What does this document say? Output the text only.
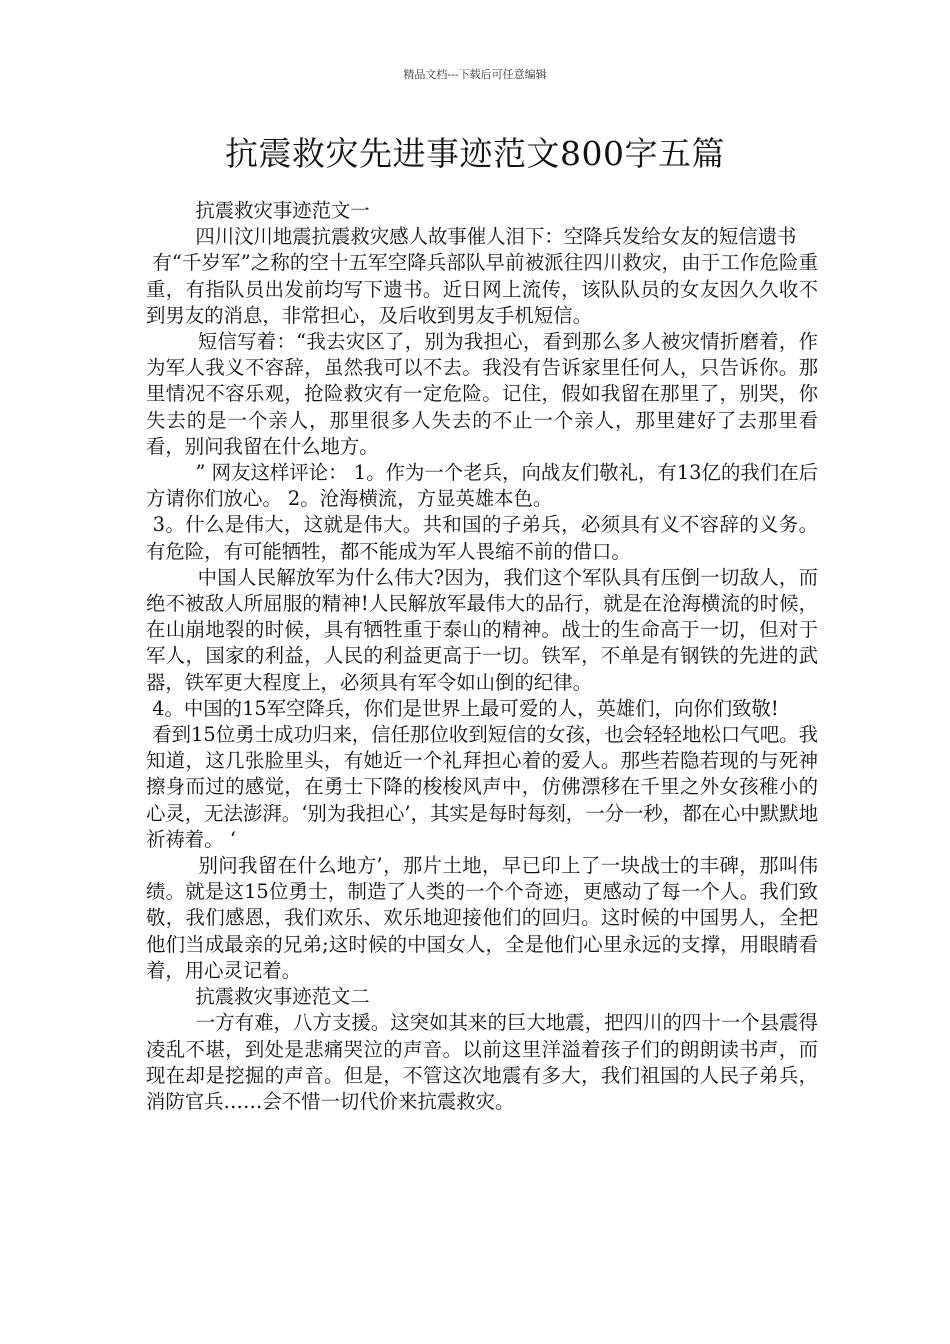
精品文档---下载后可任意编辑
抗震救灾先进事迹范文800字五篇

抗震救灾事迹范文一

四川汶川地震抗震救灾感人故事催人泪下：空降兵发给女友的短信遗书

有“千岁军”之称的空十五军空降兵部队早前被派往四川救灾，由于工作危险重重，有指队员出发前均写下遗书。近日网上流传，该队队员的女友因久久收不到男友的消息，非常担心，及后收到男友手机短信。

短信写着：“我去灾区了，别为我担心，看到那么多人被灾情折磨着，作为军人我义不容辞，虽然我可以不去。我没有告诉家里任何人，只告诉你。那里情况不容乐观，抢险救灾有一定危险。记住，假如我留在那里了，别哭，你失去的是一个亲人，那里很多人失去的不止一个亲人，那里建好了去那里看看，别问我留在什么地方。

” 网友这样评论： 1。作为一个老兵，向战友们敬礼，有13亿的我们在后方请你们放心。 2。沧海横流，方显英雄本色。

3。什么是伟大，这就是伟大。共和国的子弟兵，必须具有义不容辞的义务。有危险，有可能牺牲，都不能成为军人畏缩不前的借口。

中国人民解放军为什么伟大?因为，我们这个军队具有压倒一切敌人，而绝不被敌人所屈服的精神!人民解放军最伟大的品行，就是在沧海横流的时候，在山崩地裂的时候，具有牺牲重于泰山的精神。战士的生命高于一切，但对于军人，国家的利益，人民的利益更高于一切。铁军，不单是有钢铁的先进的武器，铁军更大程度上，必须具有军令如山倒的纪律。

4。中国的15军空降兵，你们是世界上最可爱的人，英雄们，向你们致敬!

看到15位勇士成功归来，信任那位收到短信的女孩，也会轻轻地松口气吧。我知道，这几张脸里头，有她近一个礼拜担心着的爱人。那些若隐若现的与死神擦身而过的感觉，在勇士下降的梭梭风声中，仿佛漂移在千里之外女孩稚小的心灵，无法澎湃。‘别为我担心’，其实是每时每刻，一分一秒，都在心中默默地祈祷着。 ‘

别问我留在什么地方’，那片土地，早已印上了一块战士的丰碑，那叫伟绩。就是这15位勇士，制造了人类的一个个奇迹，更感动了每一个人。我们致敬，我们感恩，我们欢乐、欢乐地迎接他们的回归。这时候的中国男人，全把他们当成最亲的兄弟;这时候的中国女人，全是他们心里永远的支撑，用眼睛看着，用心灵记着。

抗震救灾事迹范文二

一方有难，八方支援。这突如其来的巨大地震，把四川的四十一个县震得凌乱不堪，到处是悲痛哭泣的声音。以前这里洋溢着孩子们的朗朗读书声，而现在却是挖掘的声音。但是，不管这次地震有多大，我们祖国的人民子弟兵，消防官兵……会不惜一切代价来抗震救灾。
